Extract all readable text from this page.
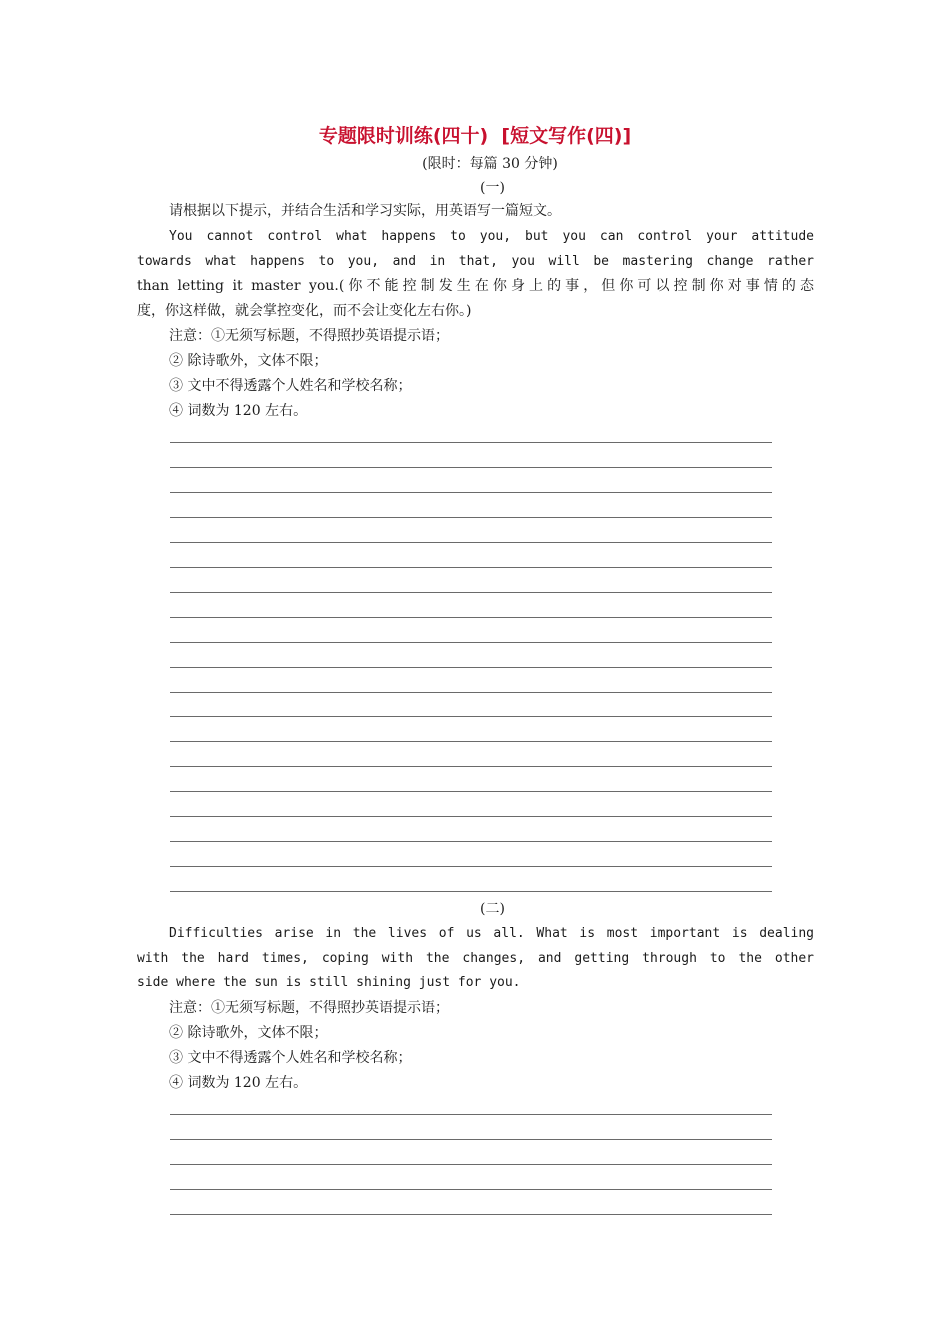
专题限时训练(四十)  [短文写作(四)]
(限时：每篇 30 分钟)
(一)
请根据以下提示，并结合生活和学习实际，用英语写一篇短文。
You cannot control what happens to you, but you can control your attitude
towards what happens to you, and in that, you will be mastering change rather
than letting it master you.(你不能控制发生在你身上的事，但你可以控制你对事情的态
度，你这样做，就会掌控变化，而不会让变化左右你。)
注意：①无须写标题，不得照抄英语提示语；
② 除诗歌外，文体不限；
③ 文中不得透露个人姓名和学校名称；
④ 词数为 120 左右。
(二)
Difficulties arise in the lives of us all. What is most important is dealing
with the hard times, coping with the changes, and getting through to the other
side where the sun is still shining just for you.
注意：①无须写标题，不得照抄英语提示语；
② 除诗歌外，文体不限；
③ 文中不得透露个人姓名和学校名称；
④ 词数为 120 左右。
